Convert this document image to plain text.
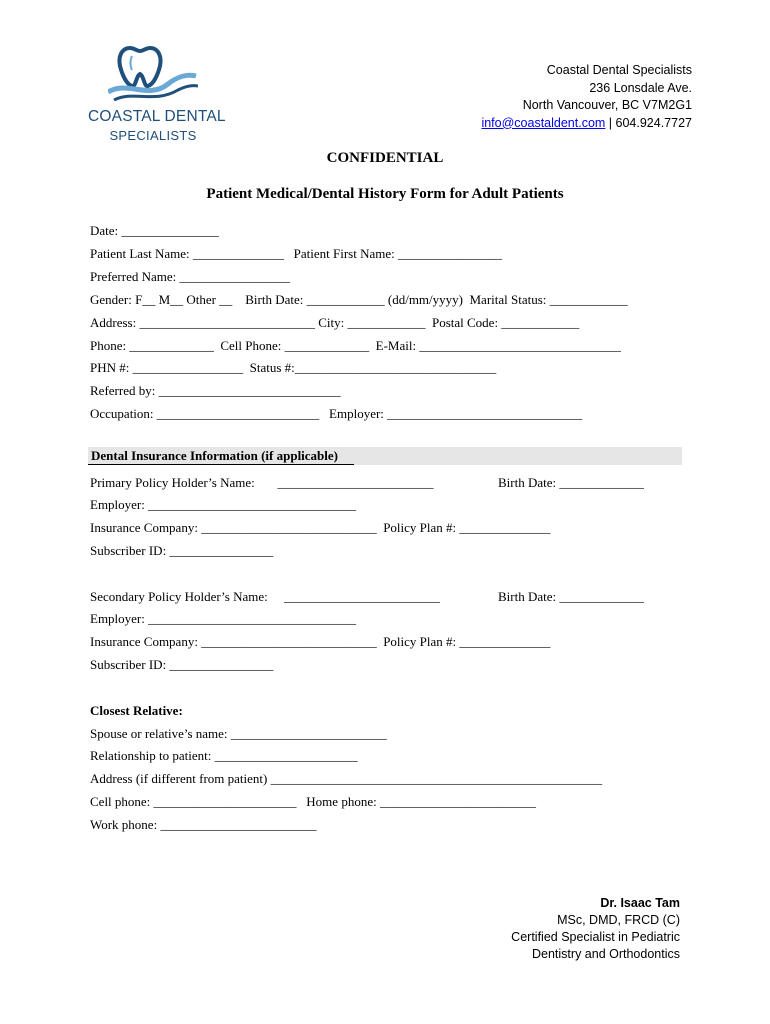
COASTAL DENTAL
SPECIALISTS
Coastal Dental Specialists
236 Lonsdale Ave.
North Vancouver, BC V7M2G1
info@coastaldent.com | 604.924.7727
CONFIDENTIAL
Patient Medical/Dental History Form for Adult Patients
Date: _______________
Patient Last Name: ______________   Patient First Name: ________________
Preferred Name: _________________
Gender: F__ M__ Other __    Birth Date: ____________ (dd/mm/yyyy)  Marital Status: ____________
Address: ___________________________ City: ____________  Postal Code: ____________
Phone: _____________  Cell Phone: _____________  E-Mail: _______________________________
PHN #: _________________  Status #:_______________________________
Referred by: ____________________________
Occupation: _________________________   Employer: ______________________________
Dental Insurance Information (if applicable)
Primary Policy Holder’s Name:       ________________________	Birth Date: _____________
Employer: ________________________________
Insurance Company: ___________________________  Policy Plan #: ______________
Subscriber ID: ________________
Secondary Policy Holder’s Name:     ________________________	Birth Date: _____________
Employer: ________________________________
Insurance Company: ___________________________  Policy Plan #: ______________
Subscriber ID: ________________
Closest Relative:
Spouse or relative’s name: ________________________
Relationship to patient: ______________________
Address (if different from patient) ___________________________________________________
Cell phone: ______________________   Home phone: ________________________
Work phone: ________________________
Dr. Isaac Tam
MSc, DMD, FRCD (C)
Certified Specialist in Pediatric
Dentistry and Orthodontics
